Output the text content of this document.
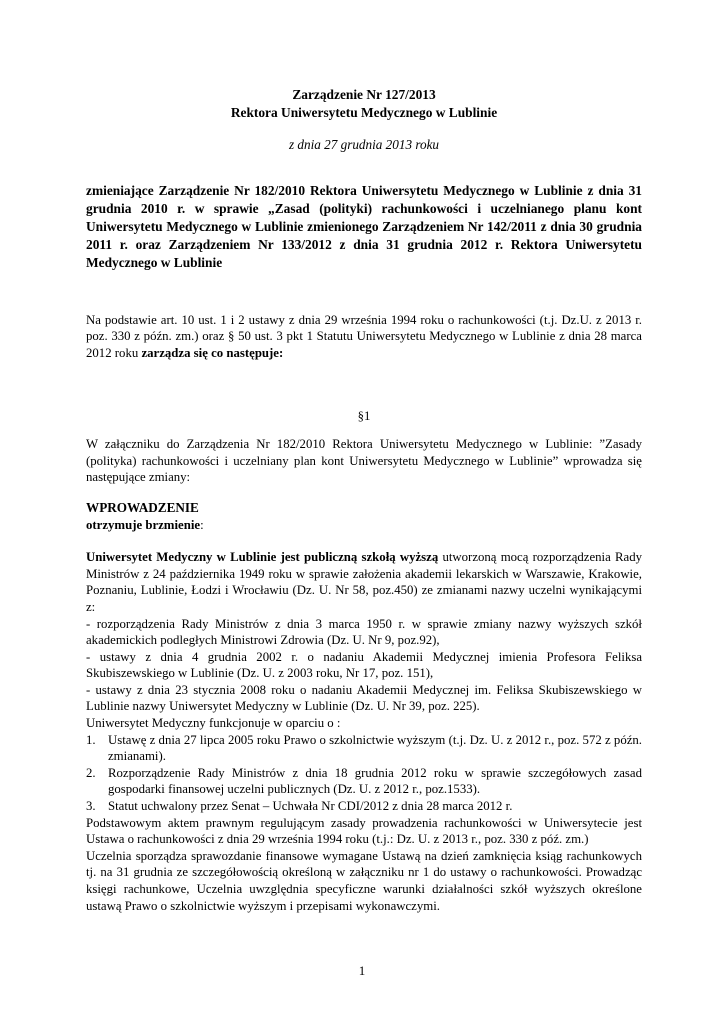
Zarządzenie Nr 127/2013
Rektora Uniwersytetu Medycznego w Lublinie
z dnia 27 grudnia 2013 roku
zmieniające Zarządzenie Nr 182/2010 Rektora Uniwersytetu Medycznego w Lublinie z dnia 31 grudnia 2010 r. w sprawie „Zasad (polityki) rachunkowości i uczelnianego planu kont Uniwersytetu Medycznego w Lublinie zmienionego Zarządzeniem Nr 142/2011 z dnia 30 grudnia 2011 r. oraz Zarządzeniem Nr 133/2012 z dnia 31 grudnia 2012 r. Rektora Uniwersytetu Medycznego w Lublinie
Na podstawie art. 10 ust. 1 i 2 ustawy z dnia 29 września 1994 roku o rachunkowości (t.j. Dz.U. z 2013 r. poz. 330 z późn. zm.) oraz § 50 ust. 3 pkt 1 Statutu Uniwersytetu Medycznego w Lublinie z dnia 28 marca 2012 roku zarządza się co następuje:
§1
W załączniku do Zarządzenia Nr 182/2010 Rektora Uniwersytetu Medycznego w Lublinie: ”Zasady (polityka) rachunkowości i uczelniany plan kont Uniwersytetu Medycznego w Lublinie” wprowadza się następujące zmiany:
WPROWADZENIE
otrzymuje brzmienie:
Uniwersytet Medyczny w Lublinie jest publiczną szkołą wyższą utworzoną mocą rozporządzenia Rady Ministrów z 24 października 1949 roku w sprawie założenia akademii lekarskich w Warszawie, Krakowie, Poznaniu, Lublinie, Łodzi i Wrocławiu (Dz. U. Nr 58, poz.450) ze zmianami nazwy uczelni wynikającymi z:
- rozporządzenia Rady Ministrów z dnia 3 marca 1950 r. w sprawie zmiany nazwy wyższych szkół akademickich podległych Ministrowi Zdrowia (Dz. U. Nr 9, poz.92),
- ustawy z dnia 4 grudnia 2002 r. o nadaniu Akademii Medycznej imienia Profesora Feliksa Skubiszewskiego w Lublinie (Dz. U. z 2003 roku, Nr 17, poz. 151),
- ustawy z dnia 23 stycznia 2008 roku o nadaniu Akademii Medycznej im. Feliksa Skubiszewskiego w Lublinie nazwy Uniwersytet Medyczny w Lublinie (Dz. U. Nr 39, poz. 225).
Uniwersytet Medyczny funkcjonuje w oparciu o :
1. Ustawę z dnia 27 lipca 2005 roku Prawo o szkolnictwie wyższym (t.j. Dz. U. z 2012 r., poz. 572 z późn. zmianami).
2. Rozporządzenie Rady Ministrów z dnia 18 grudnia 2012 roku w sprawie szczegółowych zasad gospodarki finansowej uczelni publicznych (Dz. U. z 2012 r., poz.1533).
3. Statut uchwalony przez Senat – Uchwała Nr CDI/2012 z dnia 28 marca 2012 r.
Podstawowym aktem prawnym regulującym zasady prowadzenia rachunkowości w Uniwersytecie jest Ustawa o rachunkowości z dnia 29 września 1994 roku (t.j.: Dz. U. z 2013 r., poz. 330 z póź. zm.)
Uczelnia sporządza sprawozdanie finansowe wymagane Ustawą na dzień zamknięcia ksiąg rachunkowych tj. na 31 grudnia ze szczegółowością określoną w załączniku nr 1 do ustawy o rachunkowości. Prowadząc księgi rachunkowe, Uczelnia uwzględnia specyficzne warunki działalności szkół wyższych określone ustawą Prawo o szkolnictwie wyższym i przepisami wykonawczymi.
1
